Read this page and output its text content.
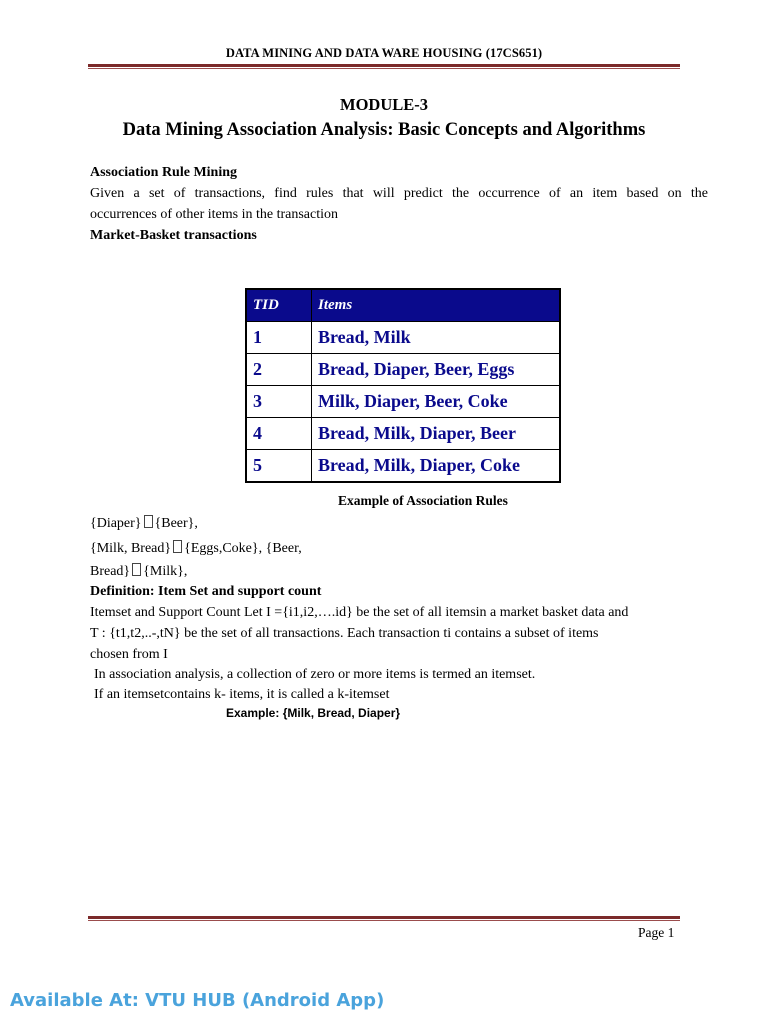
DATA MINING AND DATA WARE HOUSING (17CS651)
MODULE-3
Data Mining Association Analysis: Basic Concepts and Algorithms
Association Rule Mining
Given a set of transactions, find rules that will predict the occurrence of an item based on the
occurrences of other items in the transaction
Market-Basket transactions
TID	Items
1	Bread, Milk
2	Bread, Diaper, Beer, Eggs
3	Milk, Diaper, Beer, Coke
4	Bread, Milk, Diaper, Beer
5	Bread, Milk, Diaper, Coke
Example of Association Rules
{Diaper} {Beer},
{Milk, Bread} {Eggs,Coke}, {Beer,
Bread} {Milk},
Definition: Item Set and support count
Itemset and Support Count Let I ={i1,i2,….id} be the set of all itemsin a market basket data and
T : {t1,t2,..-,tN} be the set of all transactions. Each transaction ti contains a subset of items
chosen from I
In association analysis, a collection of zero or more items is termed an itemset.
If an itemsetcontains k- items, it is called a k-itemset
Example: {Milk, Bread, Diaper}
Page 1
Available At: VTU HUB (Android App)
